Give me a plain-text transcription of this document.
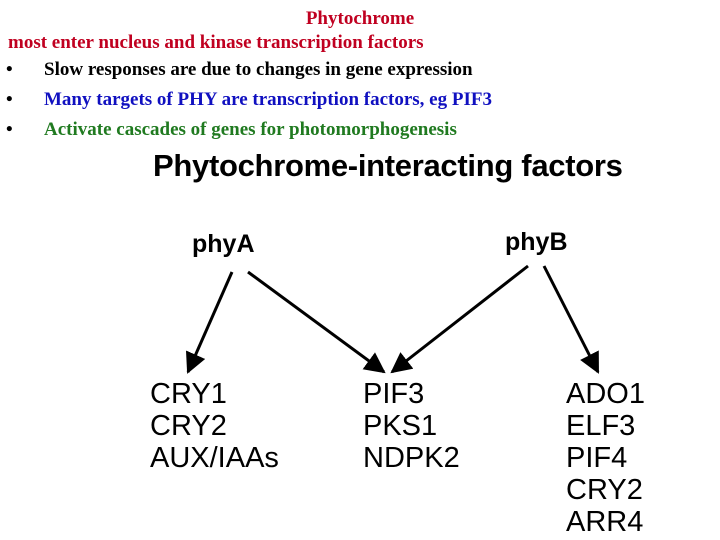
Phytochrome
most enter nucleus and kinase transcription factors
• Slow responses are due to changes in gene expression
• Many targets of PHY are transcription factors, eg PIF3
• Activate cascades of genes for photomorphogenesis
Phytochrome-interacting factors
phyA	phyB
CRY1
CRY2
AUX/IAAs
PIF3
PKS1
NDPK2
ADO1
ELF3
PIF4
CRY2
ARR4
